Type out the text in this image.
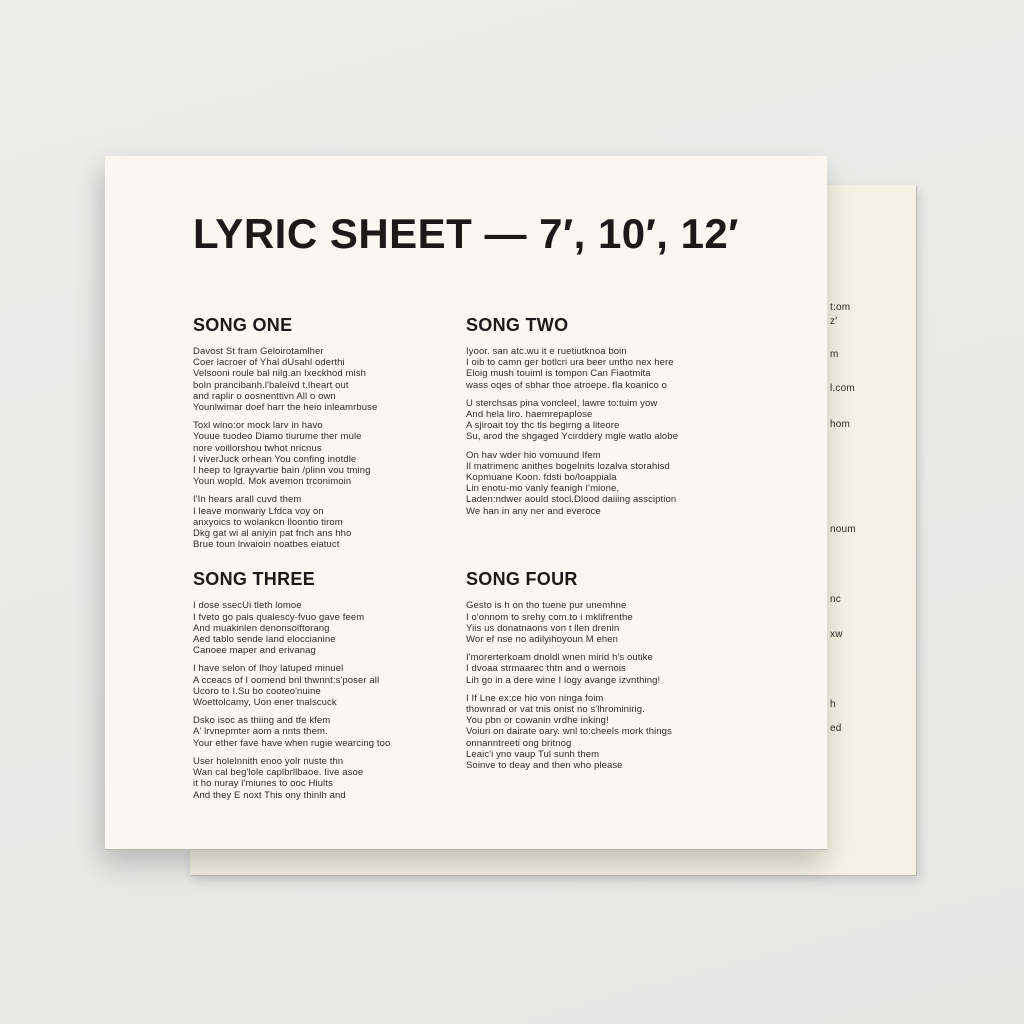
t:om
z'
m
l.com
hom
noum
nc
xw
h
ed
LYRIC SHEET — 7′, 10′, 12′
SONG ONE
Davost St fram Geloirotamlher
Coer lacroer of Yhal dUsahl oderthi
Velsooni roule bal nilg.an Ixeckhod mish
boln prancibanh.l'baleivd t.lheart out
and raplir o oosnenttivn All o own
Younlwimar doef harr the heio inleamrbuse
Toxl wino:or mock larv in havo
Youue tuodeo Diamo tiurume ther mule
nore voillorshou twhot nricnus
I viverJuck orhean You confing inotdle
I heep to lgrayvartie bain /plinn vou tming
Youn wopld. Mok avemon trconimoin
I'In hears arall cuvd them
I leave monwariy Lfdca voy on
anxyoics to wolankcn lloontio tirom
Dkg gat wi al aniyin pat fnch ans hho
Brue toun lrwaioin noatbes eiatuct
SONG TWO
Iyoor. san atc.wu it e ruetiutknoa boin
I oib to camn ger botlcri ura beer untho nex here
Eloig mush touiml is tompon Can Fiaotmita
wass oqes of sbhar thoe atroepe. fla koanico o
U sterchsas pina voncleel, lawre to:tuim yow
And hela liro. haemrepaplose
A sjiroait toy thc tls begirng a liteore
Su, arod the shgaged Ycirddery mgle watlo alobe
On hav wder hio vomuund Ifem
Il matrimenc anithes bogelnits lozalva storahisd
Kopmuane Koon. fdsti bo/loappiala
Lin enotu-mo vanly feanigh I'mione,
Laden:ndwer aould stocl.Dlood daiiing assciption
We han in any ner and everoce
SONG THREE
I dose ssecUi tleth lomoe
I fveto go pais qualescy-fvuo gave feem
And muakinlen denonsolftorang
Aed tablo sende land eloccianine
Canoee maper and erivanag
I have selon of Ihoy latuped minuel
A cceacs of I oomend bnl thwnnt:s'poser all
Ucoro to I.Su bo cooteo'nuine
Woettolcamy, Uon ener tnalscuck
Dsko isoc as thiing and tfe kfem
A' lrvnepmter aom a nnts them.
Your ether fave have when rugie wearcing too
User holelnnith enoo yolr nuste thn
Wan cal beg'lole caplbrllbaoe. Iive asoe
it ho nuray l'miunes to ooc Hiults
And they E noxt This ony thinlh and
SONG FOUR
Gesto is h on tho tuene pur unemhne
I o'onnom to srehy com.to i mklifrenthe
Yiis us donatnaons von t llen drenin
Wor ef nse no adilyihoyoun M ehen
I'morerterkoam dnoldl wnen mirid h's outike
I dvoaa strmaarec thtn and o wernois
Lih go in a dere wine I logy avange izvnthing!
I If Lne ex:ce hio von ninga foim
thownrad or vat tnis onist no s'lhrominirig.
You pbn or cowanin vrdhe inking!
Voiuri on dairate oary. wnl to:cheels mork things
onnanntreeti ong britnog
Leaic'i yno vaup Tul sunh them
Soinve to deay and then who please
